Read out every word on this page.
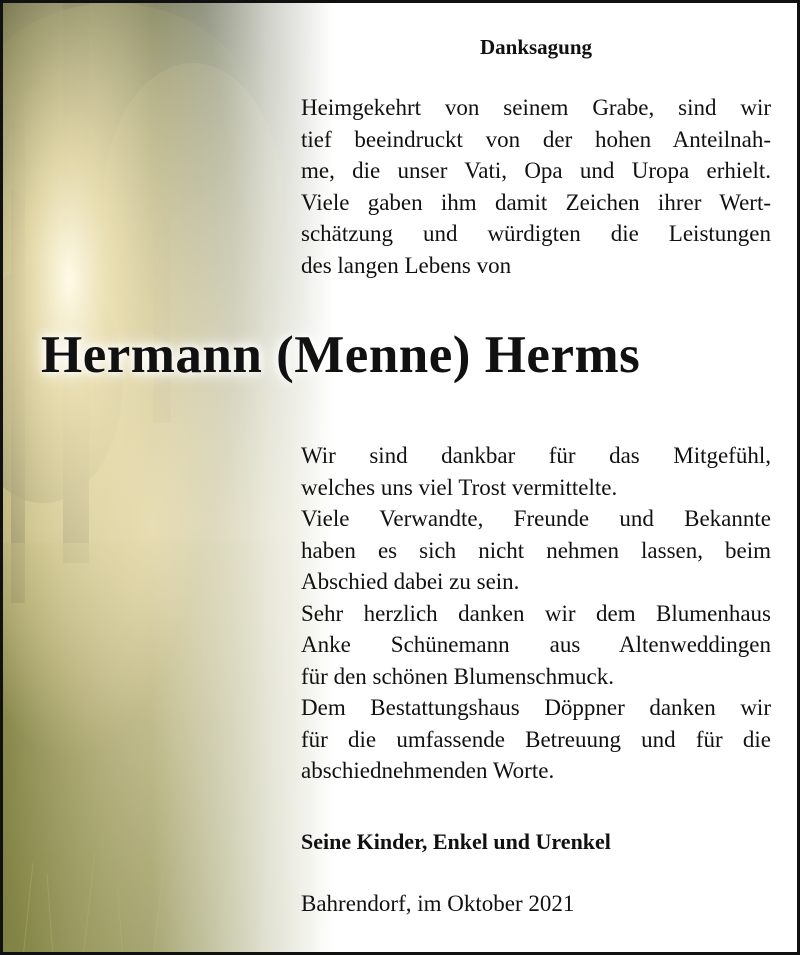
Danksagung

Heimgekehrt von seinem Grabe, sind wir
tief beeindruckt von der hohen Anteilnah-
me, die unser Vati, Opa und Uropa erhielt.
Viele gaben ihm damit Zeichen ihrer Wert-
schätzung und würdigten die Leistungen
des langen Lebens von

Hermann (Menne) Herms

Wir sind dankbar für das Mitgefühl,
welches uns viel Trost vermittelte.
Viele Verwandte, Freunde und Bekannte
haben es sich nicht nehmen lassen, beim
Abschied dabei zu sein.
Sehr herzlich danken wir dem Blumenhaus
Anke Schünemann aus Altenweddingen
für den schönen Blumenschmuck.
Dem Bestattungshaus Döppner danken wir
für die umfassende Betreuung und für die
abschiednehmenden Worte.

Seine Kinder, Enkel und Urenkel
Bahrendorf, im Oktober 2021
